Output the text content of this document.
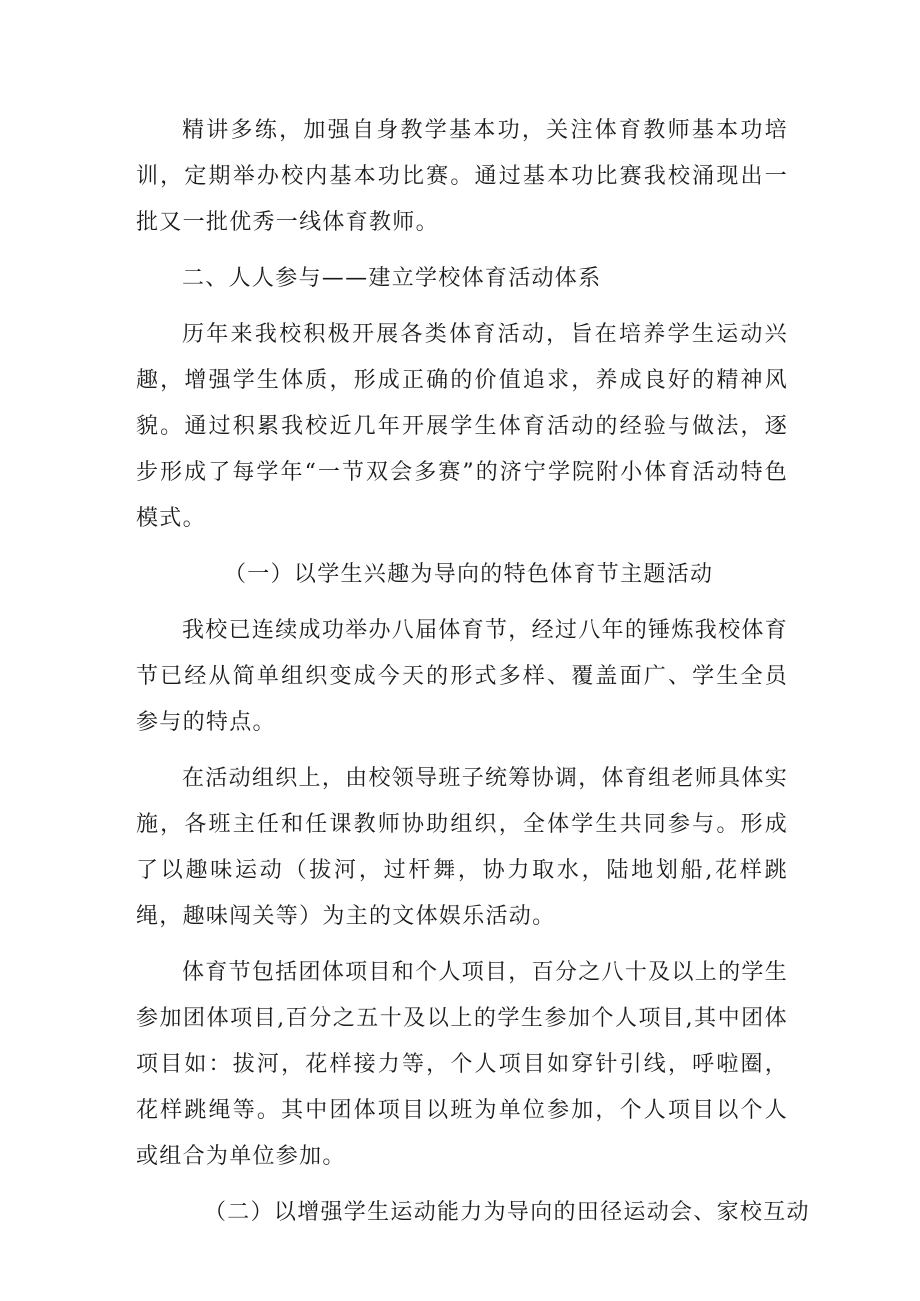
精讲多练，加强自身教学基本功，关注体育教师基本功培训，定期举办校内基本功比赛。通过基本功比赛我校涌现出一批又一批优秀一线体育教师。

二、人人参与——建立学校体育活动体系

历年来我校积极开展各类体育活动，旨在培养学生运动兴趣，增强学生体质，形成正确的价值追求，养成良好的精神风貌。通过积累我校近几年开展学生体育活动的经验与做法，逐步形成了每学年“一节双会多赛”的济宁学院附小体育活动特色模式。

（一）以学生兴趣为导向的特色体育节主题活动

我校已连续成功举办八届体育节，经过八年的锤炼我校体育节已经从简单组织变成今天的形式多样、覆盖面广、学生全员参与的特点。

在活动组织上，由校领导班子统筹协调，体育组老师具体实施，各班主任和任课教师协助组织，全体学生共同参与。形成了以趣味运动（拔河，过杆舞，协力取水，陆地划船,花样跳绳，趣味闯关等）为主的文体娱乐活动。

体育节包括团体项目和个人项目，百分之八十及以上的学生参加团体项目,百分之五十及以上的学生参加个人项目,其中团体项目如：拔河，花样接力等，个人项目如穿针引线，呼啦圈，花样跳绳等。其中团体项目以班为单位参加，个人项目以个人或组合为单位参加。

（二）以增强学生运动能力为导向的田径运动会、家校互动
